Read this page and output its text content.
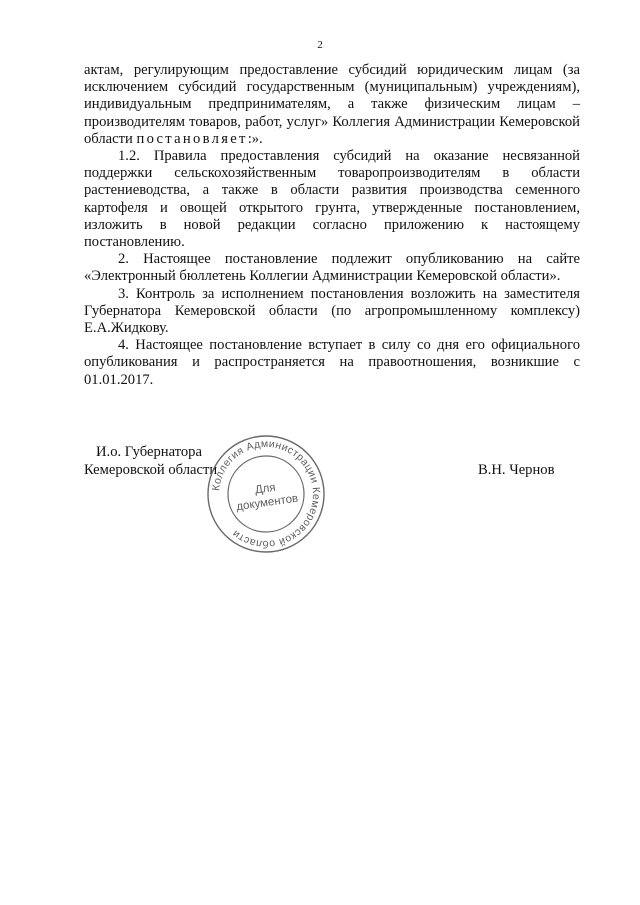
2

актам, регулирующим предоставление субсидий юридическим лицам (за исключением субсидий государственным (муниципальным) учреждениям), индивидуальным предпринимателям, а также физическим лицам – производителям товаров, работ, услуг» Коллегия Администрации Кемеровской области постановляет:».

1.2. Правила предоставления субсидий на оказание несвязанной поддержки сельскохозяйственным товаропроизводителям в области растениеводства, а также в области развития производства семенного картофеля и овощей открытого грунта, утвержденные постановлением, изложить в новой редакции согласно приложению к настоящему постановлению.

2. Настоящее постановление подлежит опубликованию на сайте «Электронный бюллетень Коллегии Администрации Кемеровской области».

3. Контроль за исполнением постановления возложить на заместителя Губернатора Кемеровской области (по агропромышленному комплексу) Е.А.Жидкову.

4. Настоящее постановление вступает в силу со дня его официального опубликования и распространяется на правоотношения, возникшие с 01.01.2017.

И.о. Губернатора
Кемеровской области	В.Н. Чернов
Коллегия Администрации Кемеровской области
Для
документов
